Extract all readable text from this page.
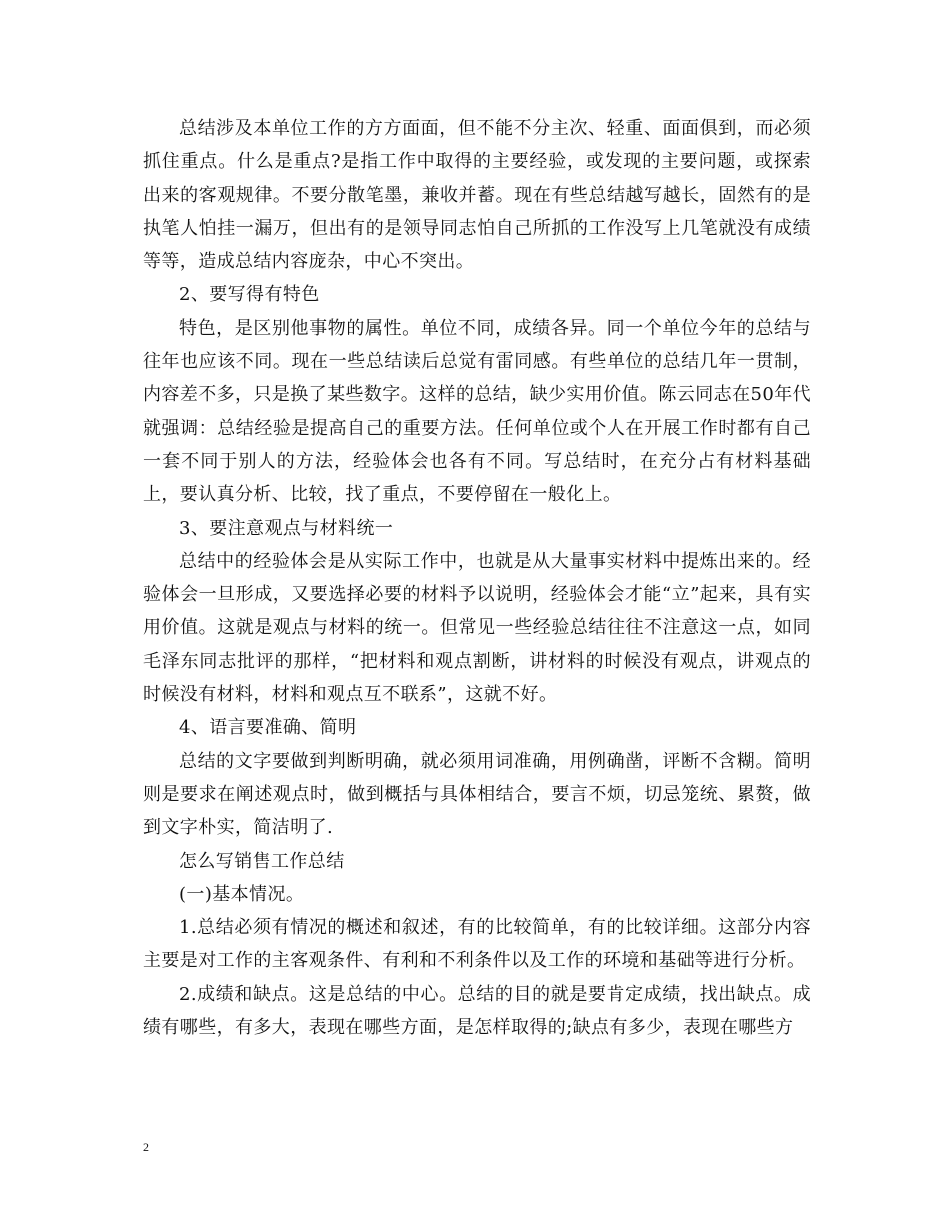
总结涉及本单位工作的方方面面，但不能不分主次、轻重、面面俱到，而必须抓住重点。什么是重点?是指工作中取得的主要经验，或发现的主要问题，或探索出来的客观规律。不要分散笔墨，兼收并蓄。现在有些总结越写越长，固然有的是执笔人怕挂一漏万，但出有的是领导同志怕自己所抓的工作没写上几笔就没有成绩等等，造成总结内容庞杂，中心不突出。

2、要写得有特色

特色，是区别他事物的属性。单位不同，成绩各异。同一个单位今年的总结与往年也应该不同。现在一些总结读后总觉有雷同感。有些单位的总结几年一贯制，内容差不多，只是换了某些数字。这样的总结，缺少实用价值。陈云同志在50年代就强调：总结经验是提高自己的重要方法。任何单位或个人在开展工作时都有自己一套不同于别人的方法，经验体会也各有不同。写总结时，在充分占有材料基础上，要认真分析、比较，找了重点，不要停留在一般化上。

3、要注意观点与材料统一

总结中的经验体会是从实际工作中，也就是从大量事实材料中提炼出来的。经验体会一旦形成，又要选择必要的材料予以说明，经验体会才能“立”起来，具有实用价值。这就是观点与材料的统一。但常见一些经验总结往往不注意这一点，如同毛泽东同志批评的那样，“把材料和观点割断，讲材料的时候没有观点，讲观点的时候没有材料，材料和观点互不联系”，这就不好。

4、语言要准确、简明

总结的文字要做到判断明确，就必须用词准确，用例确凿，评断不含糊。简明则是要求在阐述观点时，做到概括与具体相结合，要言不烦，切忌笼统、累赘，做到文字朴实，简洁明了.

怎么写销售工作总结

(一)基本情况。

1.总结必须有情况的概述和叙述，有的比较简单，有的比较详细。这部分内容主要是对工作的主客观条件、有利和不利条件以及工作的环境和基础等进行分析。

2.成绩和缺点。这是总结的中心。总结的目的就是要肯定成绩，找出缺点。成绩有哪些，有多大，表现在哪些方面，是怎样取得的;缺点有多少，表现在哪些方

2
